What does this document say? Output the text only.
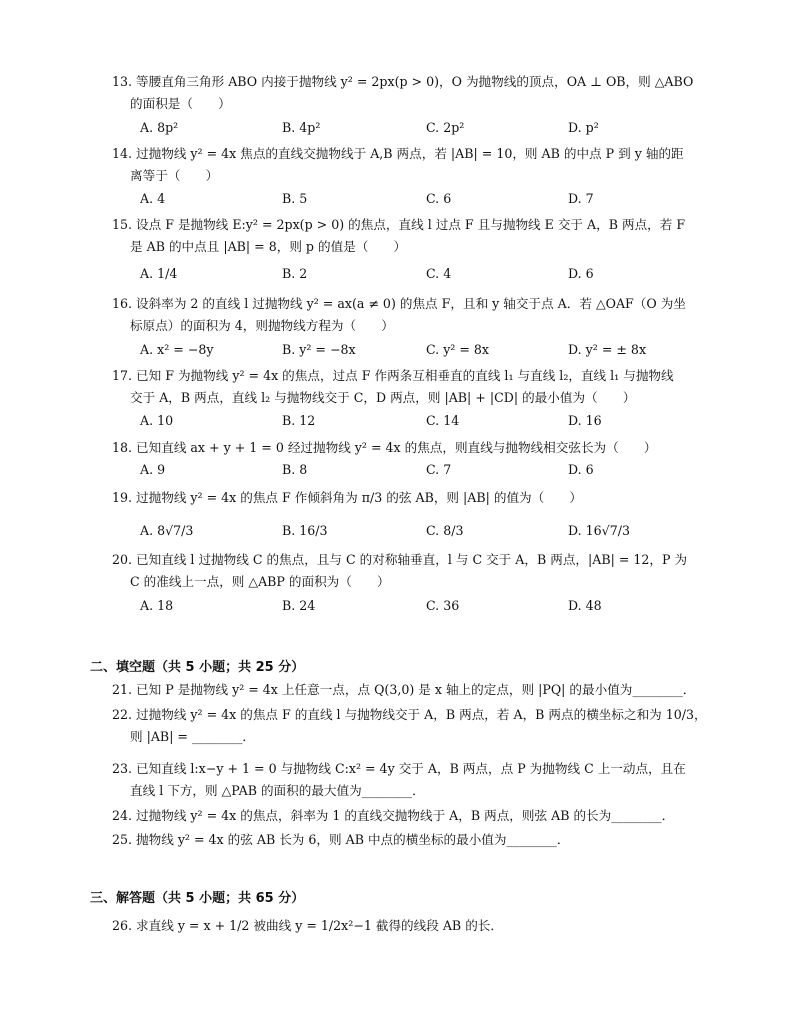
13. 等腰直角三角形 ABO 内接于抛物线 y² = 2px(p > 0)，O 为抛物线的顶点，OA ⊥ OB，则 △ABO
的面积是（　　）
A. 8p²	B. 4p²	C. 2p²	D. p²
14. 过抛物线 y² = 4x 焦点的直线交抛物线于 A,B 两点，若 |AB| = 10，则 AB 的中点 P 到 y 轴的距
离等于（　　）
A. 4	B. 5	C. 6	D. 7
15. 设点 F 是抛物线 E:y² = 2px(p > 0) 的焦点，直线 l 过点 F 且与抛物线 E 交于 A，B 两点，若 F
是 AB 的中点且 |AB| = 8，则 p 的值是（　　）
A. 1/4	B. 2	C. 4	D. 6
16. 设斜率为 2 的直线 l 过抛物线 y² = ax(a ≠ 0) 的焦点 F，且和 y 轴交于点 A．若 △OAF（O 为坐
标原点）的面积为 4，则抛物线方程为（　　）
A. x² = −8y	B. y² = −8x	C. y² = 8x	D. y² = ± 8x
17. 已知 F 为抛物线 y² = 4x 的焦点，过点 F 作两条互相垂直的直线 l₁ 与直线 l₂，直线 l₁ 与抛物线
交于 A，B 两点，直线 l₂ 与抛物线交于 C，D 两点，则 |AB| + |CD| 的最小值为（　　）
A. 10	B. 12	C. 14	D. 16
18. 已知直线 ax + y + 1 = 0 经过抛物线 y² = 4x 的焦点，则直线与抛物线相交弦长为（　　）
A. 9	B. 8	C. 7	D. 6
19. 过抛物线 y² = 4x 的焦点 F 作倾斜角为 π/3 的弦 AB，则 |AB| 的值为（　　）
A. 8√7/3	B. 16/3	C. 8/3	D. 16√7/3
20. 已知直线 l 过抛物线 C 的焦点，且与 C 的对称轴垂直，l 与 C 交于 A，B 两点，|AB| = 12，P 为
C 的准线上一点，则 △ABP 的面积为（　　）
A. 18	B. 24	C. 36	D. 48
二、填空题（共 5 小题；共 25 分）
21. 已知 P 是抛物线 y² = 4x 上任意一点，点 Q(3,0) 是 x 轴上的定点，则 |PQ| 的最小值为________．
22. 过抛物线 y² = 4x 的焦点 F 的直线 l 与抛物线交于 A，B 两点，若 A，B 两点的横坐标之和为 10/3，
则 |AB| = ________．
23. 已知直线 l:x−y + 1 = 0 与抛物线 C:x² = 4y 交于 A，B 两点，点 P 为抛物线 C 上一动点，且在
直线 l 下方，则 △PAB 的面积的最大值为________．
24. 过抛物线 y² = 4x 的焦点，斜率为 1 的直线交抛物线于 A，B 两点，则弦 AB 的长为________．
25. 抛物线 y² = 4x 的弦 AB 长为 6，则 AB 中点的横坐标的最小值为________．
三、解答题（共 5 小题；共 65 分）
26. 求直线 y = x + 1/2 被曲线 y = 1/2x²−1 截得的线段 AB 的长．
